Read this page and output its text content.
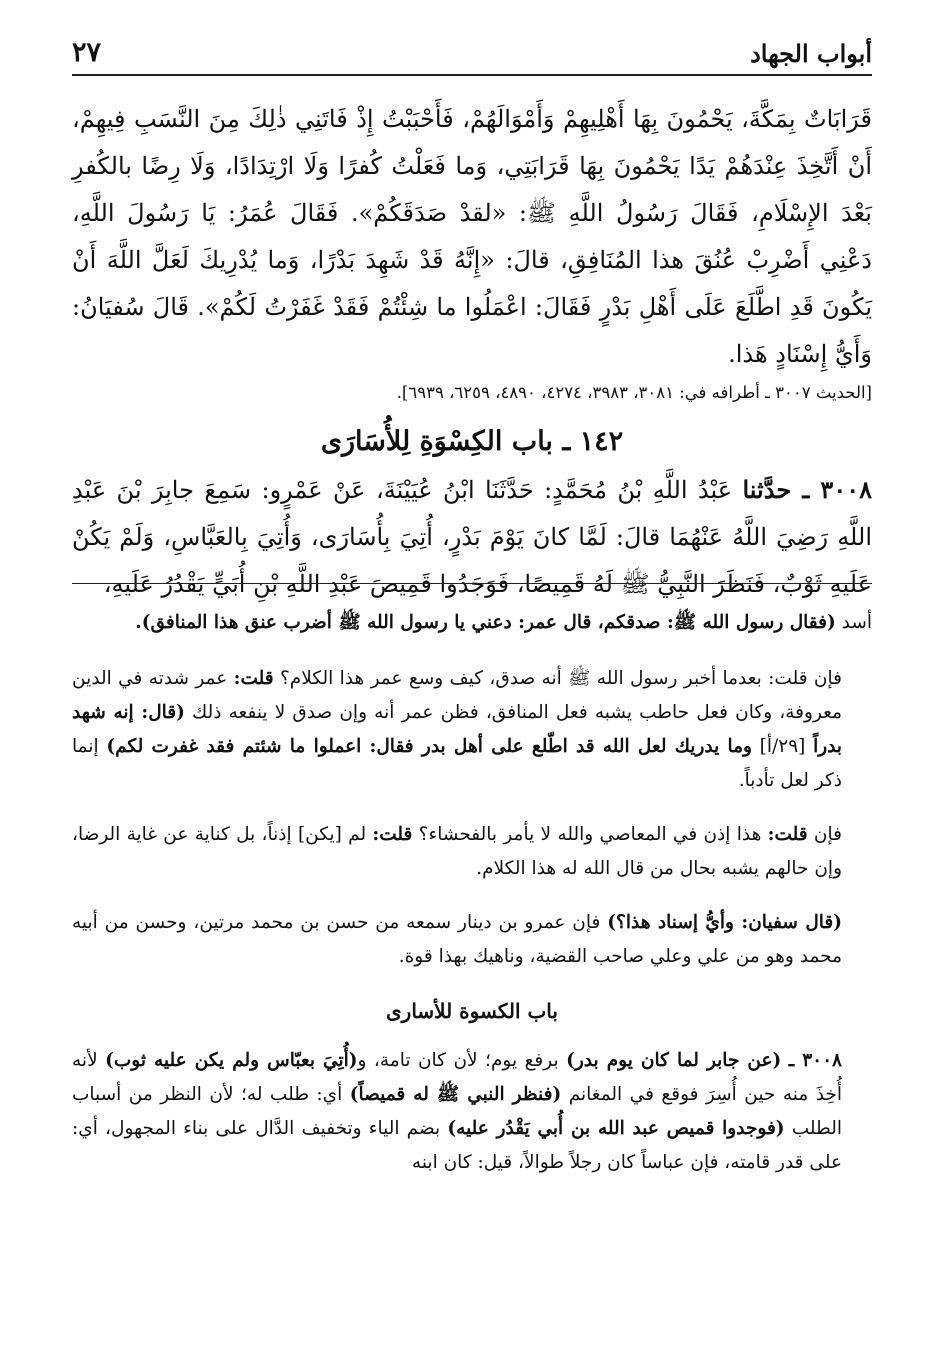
٢٧	أبواب الجهاد

قَرَابَاتٌ بِمَكَّةَ، يَحْمُونَ بِهَا أَهْلِيهِمْ وَأَمْوَالَهُمْ، فَأَحْبَبْتُ إِذْ فَاتَنِي ذٰلِكَ مِنَ النَّسَبِ فِيهِمْ، أَنْ أَتَّخِذَ عِنْدَهُمْ يَدًا يَحْمُونَ بِهَا قَرَابَتِي، وَما فَعَلْتُ كُفرًا وَلَا ارْتِدَادًا، وَلَا رِضًا بالكُفرِ بَعْدَ الإِسْلَامِ، فَقَالَ رَسُولُ اللَّهِ ﷺ: «لقدْ صَدَقَكُمْ». فَقَالَ عُمَرُ: يَا رَسُولَ اللَّهِ، دَعْنِي أَضْرِبْ عُنُقَ هذا المُنَافِقِ، قالَ: «إِنَّهُ قَدْ شَهِدَ بَدْرًا، وَما يُدْرِيكَ لَعَلَّ اللَّهَ أَنْ يَكُونَ قَدِ اطَّلَعَ عَلَى أَهْلِ بَدْرٍ فَقَالَ: اعْمَلُوا ما شِئْتُمْ فَقَدْ غَفَرْتُ لَكُمْ». قَالَ سُفيَانُ: وَأَيُّ إِسْنَادٍ هَذا.

[الحديث ٣٠٠٧ ـ أطرافه في: ٣٠٨١، ٣٩٨٣، ٤٢٧٤، ٤٨٩٠، ٦٢٥٩، ٦٩٣٩].

١٤٢ ـ باب الكِسْوَةِ لِلأُسَارَى

٣٠٠٨ ـ حدَّثنا عَبْدُ اللَّهِ بْنُ مُحَمَّدٍ: حَدَّثَنَا ابْنُ عُيَيْنَةَ، عَنْ عَمْرٍو: سَمِعَ جابِرَ بْنَ عَبْدِ اللَّهِ رَضِيَ اللَّهُ عَنْهُمَا قالَ: لَمَّا كانَ يَوْمَ بَدْرٍ، أُتِيَ بِأُسَارَى، وَأُتِيَ بِالعَبَّاسِ، وَلَمْ يَكُنْ عَلَيهِ ثَوْبٌ، فَنَظَرَ النَّبِيُّ ﷺ لَهُ قَمِيصًا، فَوَجَدُوا قَمِيصَ عَبْدِ اللَّهِ بْنِ أُبَيٍّ يَقْدُرُ عَلَيهِ،

أسد (فقال رسول الله ﷺ: صدقكم، قال عمر: دعني يا رسول الله ﷺ أضرب عنق هذا المنافق).

فإن قلت: بعدما أخبر رسول الله ﷺ أنه صدق، كيف وسع عمر هذا الكلام؟ قلت: عمر شدته في الدين معروفة، وكان فعل حاطب يشبه فعل المنافق، فظن عمر أنه وإن صدق لا ينفعه ذلك (قال: إنه شهد بدراً [٢٩/أ] وما يدريك لعل الله قد اطّلع على أهل بدر فقال: اعملوا ما شئتم فقد غفرت لكم) إنما ذكر لعل تأدباً.

فإن قلت: هذا إذن في المعاصي والله لا يأمر بالفحشاء؟ قلت: لم [يكن] إذناً، بل كناية عن غاية الرضا، وإن حالهم يشبه بحال من قال الله له هذا الكلام.

(قال سفيان: وأيُّ إسناد هذا؟) فإن عمرو بن دينار سمعه من حسن بن محمد مرتين، وحسن من أبيه محمد وهو من علي وعلي صاحب القضية، وناهيك بهذا قوة.

باب الكسوة للأسارى

٣٠٠٨ ـ (عن جابر لما كان يوم بدر) برفع يوم؛ لأن كان تامة، و(أُتِيَ بعبّاس ولم يكن عليه ثوب) لأنه أُخِذَ منه حين أُسِرَ فوقع في المغانم (فنظر النبي ﷺ له قميصاً) أي: طلب له؛ لأن النظر من أسباب الطلب (فوجدوا قميص عبد الله بن أُبي يَقْدُر عليه) بضم الياء وتخفيف الدَّال على بناء المجهول، أي: على قدر قامته، فإن عباساً كان رجلاً طوالاً، قيل: كان ابنه
